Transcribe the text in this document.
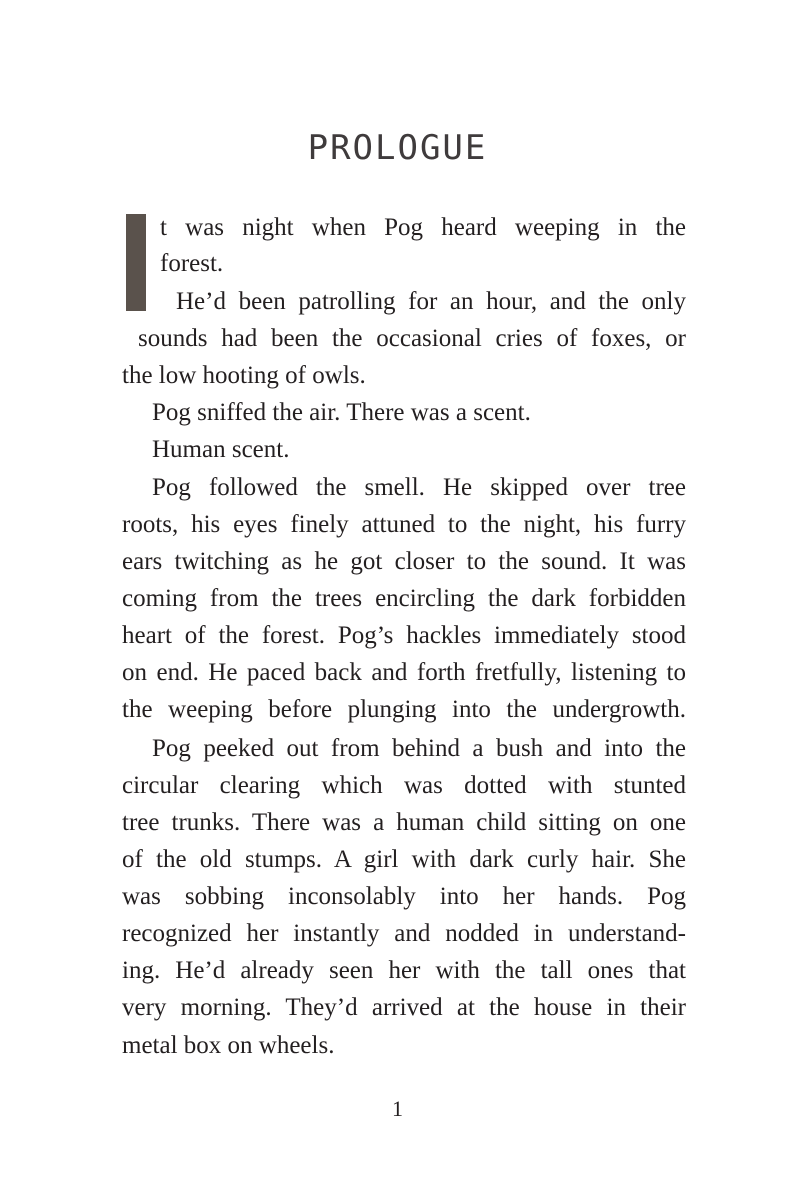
PROLOGUE

t was night when Pog heard weeping in the

forest.

He’d been patrolling for an hour, and the only

sounds had been the occasional cries of foxes, or

the low hooting of owls.

Pog sniffed the air. There was a scent.

Human scent.

Pog followed the smell. He skipped over tree

roots, his eyes finely attuned to the night, his furry

ears twitching as he got closer to the sound. It was

coming from the trees encircling the dark forbidden

heart of the forest. Pog’s hackles immediately stood

on end. He paced back and forth fretfully, listening to

the weeping before plunging into the undergrowth.

Pog peeked out from behind a bush and into the

circular clearing which was dotted with stunted

tree trunks. There was a human child sitting on one

of the old stumps. A girl with dark curly hair. She

was sobbing inconsolably into her hands. Pog

recognized her instantly and nodded in understand-

ing. He’d already seen her with the tall ones that

very morning. They’d arrived at the house in their

metal box on wheels.

1
